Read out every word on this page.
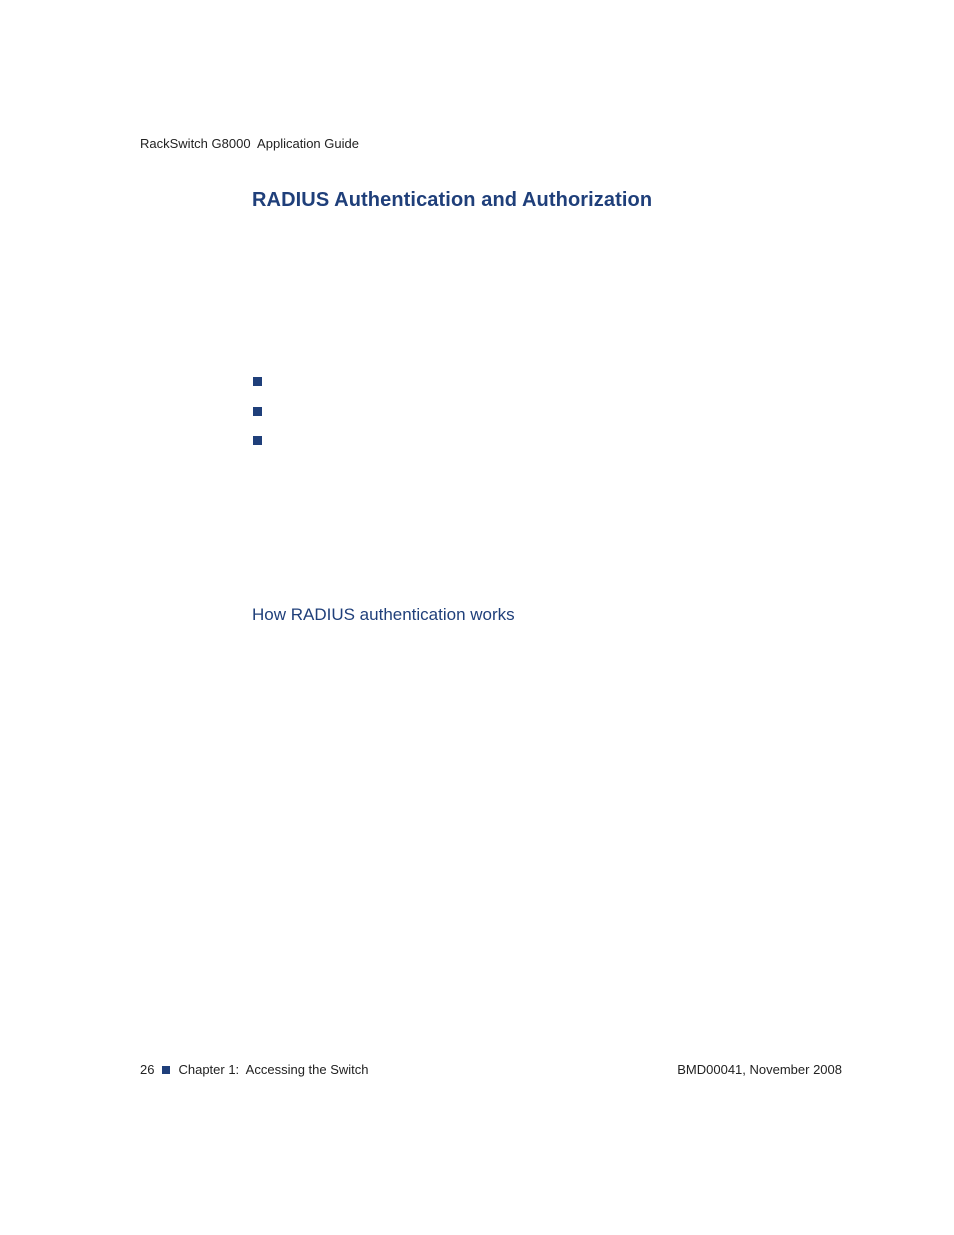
RackSwitch G8000  Application Guide
RADIUS Authentication and Authorization
How RADIUS authentication works
26 Chapter 1:  Accessing the Switch	BMD00041, November 2008
